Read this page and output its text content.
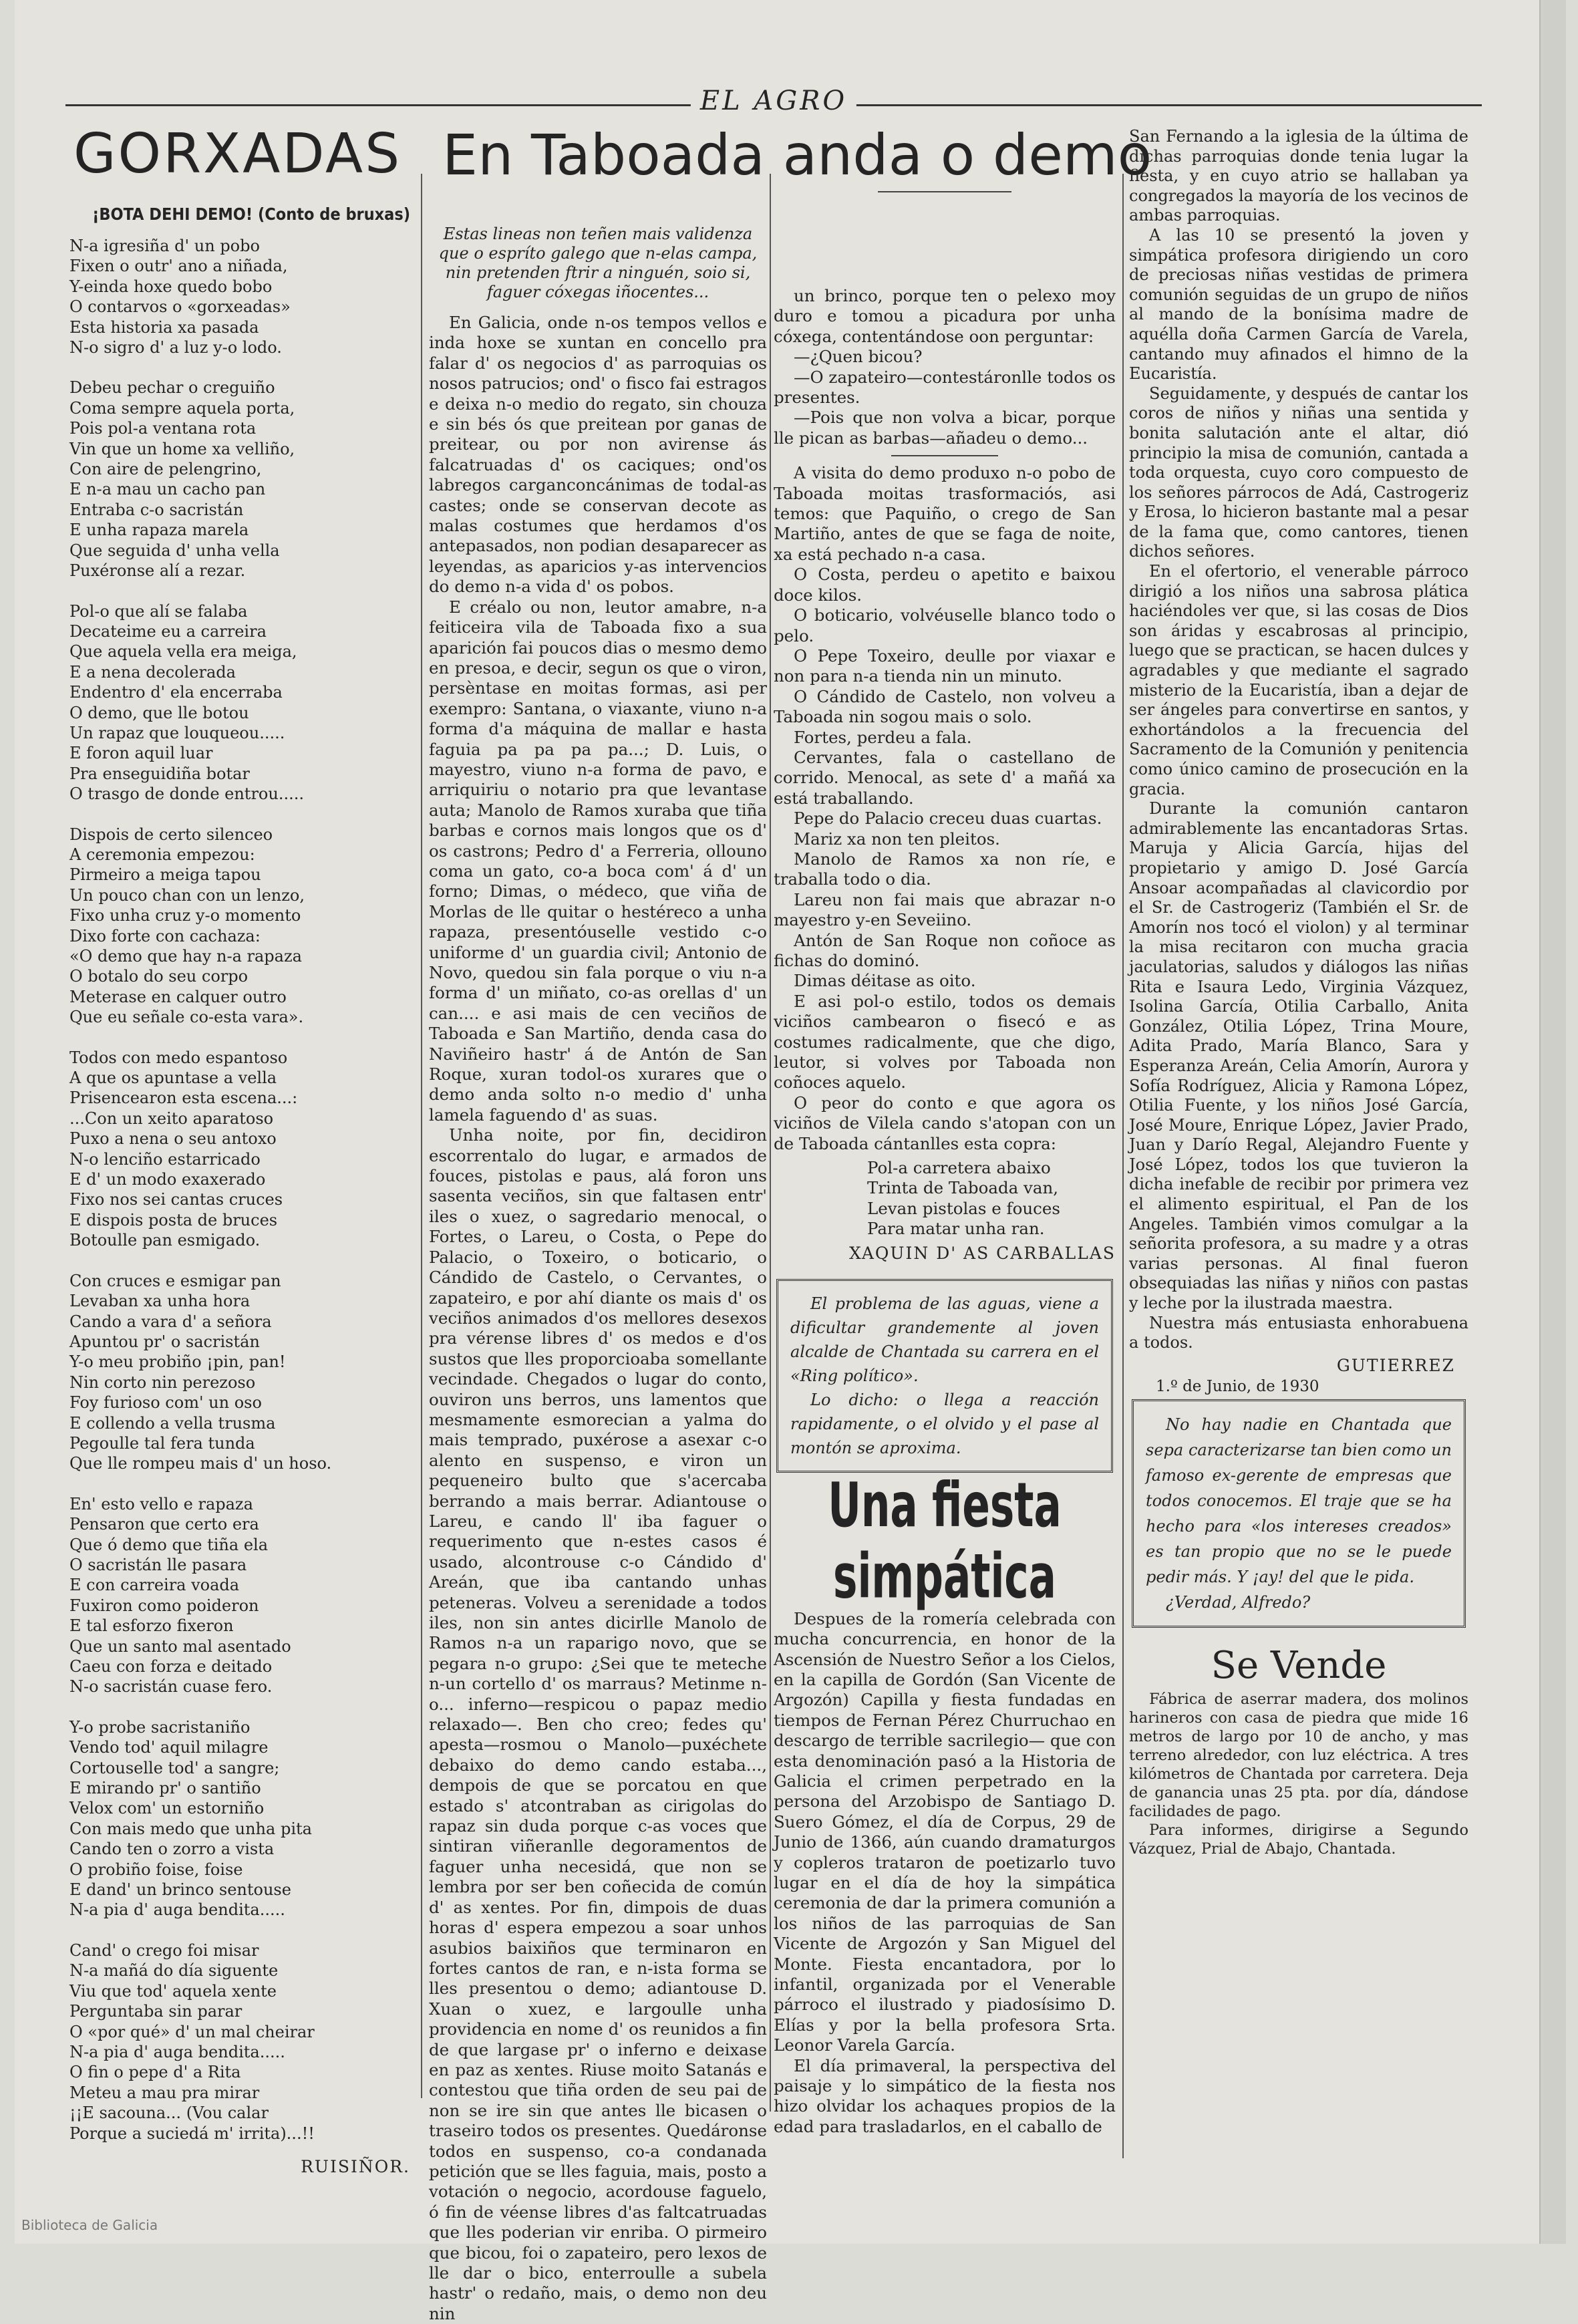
EL AGRO
GORXADAS
¡BOTA DEHI DEMO! (Conto de bruxas)

N-a igresiña d' un pobo
Fixen o outr' ano a niñada,
Y-einda hoxe quedo bobo
O contarvos o «gorxeadas»
Esta historia xa pasada
N-o sigro d' a luz y-o lodo.

Debeu pechar o creguiño
Coma sempre aquela porta,
Pois pol-a ventana rota
Vin que un home xa velliño,
Con aire de pelengrino,
E n-a mau un cacho pan
Entraba c-o sacristán
E unha rapaza marela
Que seguida d' unha vella
Puxéronse alí a rezar.

Pol-o que alí se falaba
Decateime eu a carreira
Que aquela vella era meiga,
E a nena decolerada
Endentro d' ela encerraba
O demo, que lle botou
Un rapaz que louqueou.....
E foron aquil luar
Pra enseguidiña botar
O trasgo de donde entrou.....

Dispois de certo silenceo
A ceremonia empezou:
Pirmeiro a meiga tapou
Un pouco chan con un lenzo,
Fixo unha cruz y-o momento
Dixo forte con cachaza:
«O demo que hay n-a rapaza
O botalo do seu corpo
Meterase en calquer outro
Que eu señale co-esta vara».

Todos con medo espantoso
A que os apuntase a vella
Prisencearon esta escena...:
...Con un xeito aparatoso
Puxo a nena o seu antoxo
N-o lenciño estarricado
E d' un modo exaxerado
Fixo nos sei cantas cruces
E dispois posta de bruces
Botoulle pan esmigado.

Con cruces e esmigar pan
Levaban xa unha hora
Cando a vara d' a señora
Apuntou pr' o sacristán
Y-o meu probiño ¡pin, pan!
Nin corto nin perezoso
Foy furioso com' un oso
E collendo a vella trusma
Pegoulle tal fera tunda
Que lle rompeu mais d' un hoso.

En' esto vello e rapaza
Pensaron que certo era
Que ó demo que tiña ela
O sacristán lle pasara
E con carreira voada
Fuxiron como poideron
E tal esforzo fixeron
Que un santo mal asentado
Caeu con forza e deitado
N-o sacristán cuase fero.

Y-o probe sacristaniño
Vendo tod' aquil milagre
Cortouselle tod' a sangre;
E mirando pr' o santiño
Velox com' un estorniño
Con mais medo que unha pita
Cando ten o zorro a vista
O probiño foise, foise
E dand' un brinco sentouse
N-a pia d' auga bendita.....

Cand' o crego foi misar
N-a mañá do día siguente
Viu que tod' aquela xente
Perguntaba sin parar
O «por qué» d' un mal cheirar
N-a pia d' auga bendita.....
O fin o pepe d' a Rita
Meteu a mau pra mirar
¡¡E sacouna... (Vou calar
Porque a suciedá m' irrita)...!!

RUISIÑOR.
En Taboada anda o demo
Estas lineas non teñen mais validenza que o espríto galego que n-elas campa, nin pretenden ftrir a ninguén, soio si, faguer cóxegas iñocentes...

En Galicia, onde n-os tempos vellos e inda hoxe se xuntan en concello pra falar d' os negocios d' as parroquias os nosos patrucios; ond' o fisco fai estragos e deixa n-o medio do regato, sin chouza e sin bés ós que preitean por ganas de preitear, ou por non avirense ás falcatruadas d' os caciques; ond'os labregos carganconcánimas de todal-as castes; onde se conservan decote as malas costumes que herdamos d'os antepasados, non podian desaparecer as leyendas, as aparicios y-as intervencios do demo n-a vida d' os pobos.

E créalo ou non, leutor amabre, n-a feiticeira vila de Taboada fixo a sua aparición fai poucos dias o mesmo demo en presoa, e decir, segun os que o viron, persèntase en moitas formas, asi per exempro: Santana, o viaxante, viuno n-a forma d'a máquina de mallar e hasta faguia pa pa pa pa...; D. Luis, o mayestro, viuno n-a forma de pavo, e arriquiriu o notario pra que levantase auta; Manolo de Ramos xuraba que tiña barbas e cornos mais longos que os d' os castrons; Pedro d' a Ferreria, ollouno coma un gato, co-a boca com' á d' un forno; Dimas, o médeco, que viña de Morlas de lle quitar o hestéreco a unha rapaza, presentóuselle vestido c-o uniforme d' un guardia civil; Antonio de Novo, quedou sin fala porque o viu n-a forma d' un miñato, co-as orellas d' un can.... e asi mais de cen veciños de Taboada e San Martiño, denda casa do Naviñeiro hastr' á de Antón de San Roque, xuran todol-os xurares que o demo anda solto n-o medio d' unha lamela faguendo d' as suas.

Unha noite, por fin, decidiron escorrentalo do lugar, e armados de fouces, pistolas e paus, alá foron uns sasenta veciños, sin que faltasen entr' iles o xuez, o sagredario menocal, o Fortes, o Lareu, o Costa, o Pepe do Palacio, o Toxeiro, o boticario, o Cándido de Castelo, o Cervantes, o zapateiro, e por ahí diante os mais d' os veciños animados d'os mellores desexos pra vérense libres d' os medos e d'os sustos que lles proporcioaba somellante vecindade. Chegados o lugar do conto, ouviron uns berros, uns lamentos que mesmamente esmorecian a yalma do mais temprado, puxérose a asexar c-o alento en suspenso, e viron un pequeneiro bulto que s'acercaba berrando a mais berrar. Adiantouse o Lareu, e cando ll' iba faguer o requerimento que n-estes casos é usado, alcontrouse c-o Cándido d' Areán, que iba cantando unhas peteneras. Volveu a serenidade a todos iles, non sin antes dicirlle Manolo de Ramos n-a un raparigo novo, que se pegara n-o grupo: ¿Sei que te meteche n-un cortello d' os marraus? Metinme n-o... inferno—respicou o papaz medio relaxado—. Ben cho creo; fedes qu' apesta—rosmou o Manolo—puxéchete debaixo do demo cando estaba..., dempois de que se porcatou en que estado s' atcontraban as cirigolas do rapaz sin duda porque c-as voces que sintiran viñeranlle degoramentos de faguer unha necesidá, que non se lembra por ser ben coñecida de común d' as xentes. Por fin, dimpois de duas horas d' espera empezou a soar unhos asubios baixiños que terminaron en fortes cantos de ran, e n-ista forma se lles presentou o demo; adiantouse D. Xuan o xuez, e largoulle unha providencia en nome d' os reunidos a fin de que largase pr' o inferno e deixase en paz as xentes. Riuse moito Satanás e contestou que tiña orden de seu pai de non se ire sin que antes lle bicasen o traseiro todos os presentes. Quedáronse todos en suspenso, co-a condanada petición que se lles faguia, mais, posto a votación o negocio, acordouse faguelo, ó fin de véense libres d'as faltcatruadas que lles poderian vir enriba. O pirmeiro que bicou, foi o zapateiro, pero lexos de lle dar o bico, enterroulle a subela hastr' o redaño, mais, o demo non deu nin

un brinco, porque ten o pelexo moy duro e tomou a picadura por unha cóxega, contentándose oon perguntar:

—¿Quen bicou?

—O zapateiro—contestáronlle todos os presentes.

—Pois que non volva a bicar, porque lle pican as barbas—añadeu o demo...

A visita do demo produxo n-o pobo de Taboada moitas trasformaciós, asi temos: que Paquiño, o crego de San Martiño, antes de que se faga de noite, xa está pechado n-a casa.

O Costa, perdeu o apetito e baixou doce kilos.

O boticario, volvéuselle blanco todo o pelo.

O Pepe Toxeiro, deulle por viaxar e non para n-a tienda nin un minuto.

O Cándido de Castelo, non volveu a Taboada nin sogou mais o solo.

Fortes, perdeu a fala.

Cervantes, fala o castellano de corrido. Menocal, as sete d' a mañá xa está traballando.

Pepe do Palacio creceu duas cuartas.

Mariz xa non ten pleitos.

Manolo de Ramos xa non ríe, e traballa todo o dia.

Lareu non fai mais que abrazar n-o mayestro y-en Seveiino.

Antón de San Roque non coñoce as fichas do dominó.

Dimas déitase as oito.

E asi pol-o estilo, todos os demais viciños cambearon o fisecó e as costumes radicalmente, que che digo, leutor, si volves por Taboada non coñoces aquelo.

O peor do conto e que agora os viciños de Vilela cando s'atopan con un de Taboada cántanlles esta copra:

Pol-a carretera abaixo
Trinta de Taboada van,
Levan pistolas e fouces
Para matar unha ran.
XAQUIN D' AS CARBALLAS

El problema de las aguas, viene a dificultar grandemente al joven alcalde de Chantada su carrera en el «Ring político».

Lo dicho: o llega a reacción rapidamente, o el olvido y el pase al montón se aproxima.

Una fiesta simpática

Despues de la romería celebrada con mucha concurrencia, en honor de la Ascensión de Nuestro Señor a los Cielos, en la capilla de Gordón (San Vicente de Argozón) Capilla y fiesta fundadas en tiempos de Fernan Pérez Churruchao en descargo de terrible sacrilegio— que con esta denominación pasó a la Historia de Galicia el crimen perpetrado en la persona del Arzobispo de Santiago D. Suero Gómez, el día de Corpus, 29 de Junio de 1366, aún cuando dramaturgos y copleros trataron de poetizarlo tuvo lugar en el día de hoy la simpática ceremonia de dar la primera comunión a los niños de las parroquias de San Vicente de Argozón y San Miguel del Monte. Fiesta encantadora, por lo infantil, organizada por el Venerable párroco el ilustrado y piadosísimo D. Elías y por la bella profesora Srta. Leonor Varela García.

El día primaveral, la perspectiva del paisaje y lo simpático de la fiesta nos hizo olvidar los achaques propios de la edad para trasladarlos, en el caballo de

San Fernando a la iglesia de la última de dichas parroquias donde tenia lugar la fiesta, y en cuyo atrio se hallaban ya congregados la mayoría de los vecinos de ambas parroquias.

A las 10 se presentó la joven y simpática profesora dirigiendo un coro de preciosas niñas vestidas de primera comunión seguidas de un grupo de niños al mando de la bonísima madre de aquélla doña Carmen García de Varela, cantando muy afinados el himno de la Eucaristía.

Seguidamente, y después de cantar los coros de niños y niñas una sentida y bonita salutación ante el altar, dió principio la misa de comunión, cantada a toda orquesta, cuyo coro compuesto de los señores párrocos de Adá, Castrogeriz y Erosa, lo hicieron bastante mal a pesar de la fama que, como cantores, tienen dichos señores.

En el ofertorio, el venerable párroco dirigió a los niños una sabrosa plática haciéndoles ver que, si las cosas de Dios son áridas y escabrosas al principio, luego que se practican, se hacen dulces y agradables y que mediante el sagrado misterio de la Eucaristía, iban a dejar de ser ángeles para convertirse en santos, y exhortándolos a la frecuencia del Sacramento de la Comunión y penitencia como único camino de prosecución en la gracia.

Durante la comunión cantaron admirablemente las encantadoras Srtas. Maruja y Alicia García, hijas del propietario y amigo D. José García Ansoar acompañadas al clavicordio por el Sr. de Castrogeriz (También el Sr. de Amorín nos tocó el violon) y al terminar la misa recitaron con mucha gracia jaculatorias, saludos y diálogos las niñas Rita e Isaura Ledo, Virginia Vázquez, Isolina García, Otilia Carballo, Anita González, Otilia López, Trina Moure, Adita Prado, María Blanco, Sara y Esperanza Areán, Celia Amorín, Aurora y Sofía Rodríguez, Alicia y Ramona López, Otilia Fuente, y los niños José García, José Moure, Enrique López, Javier Prado, Juan y Darío Regal, Alejandro Fuente y José López, todos los que tuvieron la dicha inefable de recibir por primera vez el alimento espiritual, el Pan de los Angeles. También vimos comulgar a la señorita profesora, a su madre y a otras varias personas. Al final fueron obsequiadas las niñas y niños con pastas y leche por la ilustrada maestra.

Nuestra más entusiasta enhorabuena a todos.

GUTIERREZ
1.º de Junio, de 1930

No hay nadie en Chantada que sepa caracterizarse tan bien como un famoso ex-gerente de empresas que todos conocemos. El traje que se ha hecho para «los intereses creados» es tan propio que no se le puede pedir más. Y ¡ay! del que le pida.

¿Verdad, Alfredo?

Se Vende

Fábrica de aserrar madera, dos molinos harineros con casa de piedra que mide 16 metros de largo por 10 de ancho, y mas terreno alrededor, con luz eléctrica. A tres kilómetros de Chantada por carretera. Deja de ganancia unas 25 pta. por día, dándose facilidades de pago.

Para informes, dirigirse a Segundo Vázquez, Prial de Abajo, Chantada.

Biblioteca de Galicia
